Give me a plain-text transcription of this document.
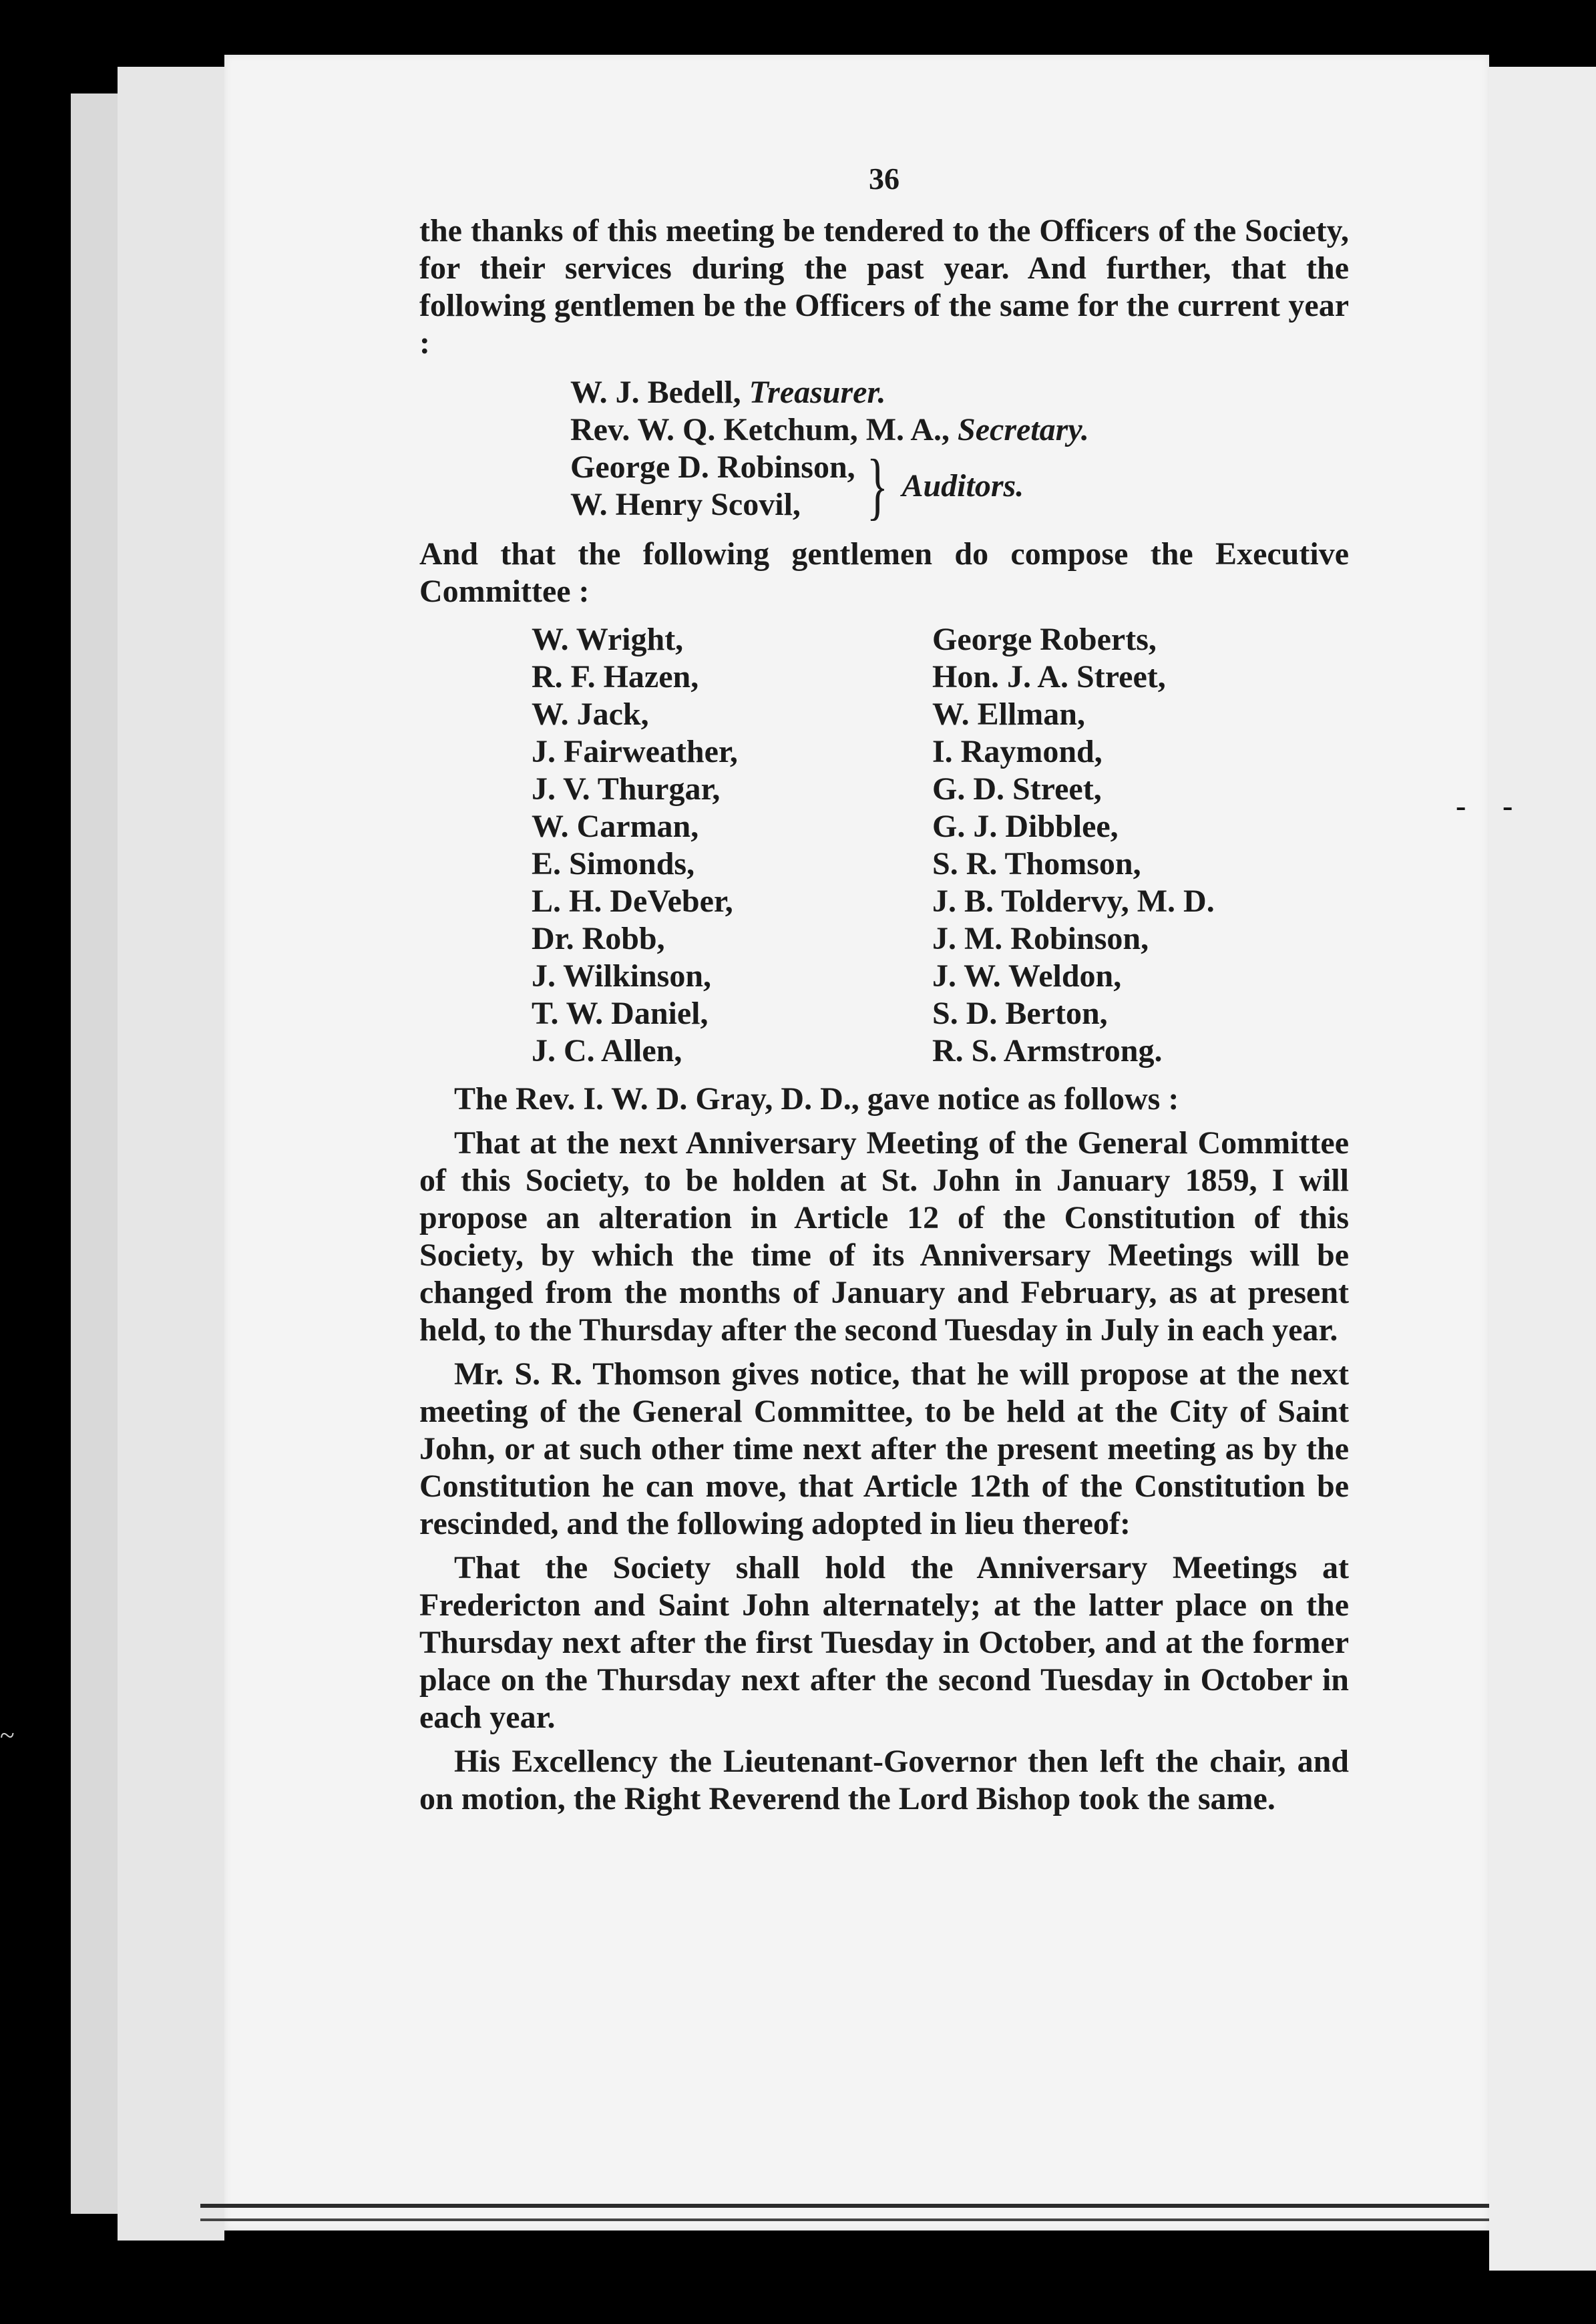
~
- -
36

the thanks of this meeting be tendered to the Officers of the Society, for their services during the past year. And further, that the following gentlemen be the Officers of the same for the current year :

W. J. Bedell, Treasurer.
Rev. W. Q. Ketchum, M. A., Secretary.
George D. Robinson,
W. Henry Scovil, } Auditors.

And that the following gentlemen do compose the Executive Committee :

W. Wright,	George Roberts,
R. F. Hazen,	Hon. J. A. Street,
W. Jack,	W. Ellman,
J. Fairweather,	I. Raymond,
J. V. Thurgar,	G. D. Street,
W. Carman,	G. J. Dibblee,
E. Simonds,	S. R. Thomson,
L. H. DeVeber,	J. B. Toldervy, M. D.
Dr. Robb,	J. M. Robinson,
J. Wilkinson,	J. W. Weldon,
T. W. Daniel,	S. D. Berton,
J. C. Allen,	R. S. Armstrong.

The Rev. I. W. D. Gray, D. D., gave notice as follows :

That at the next Anniversary Meeting of the General Committee of this Society, to be holden at St. John in January 1859, I will propose an alteration in Article 12 of the Constitution of this Society, by which the time of its Anniversary Meetings will be changed from the months of January and February, as at present held, to the Thursday after the second Tuesday in July in each year.

Mr. S. R. Thomson gives notice, that he will propose at the next meeting of the General Committee, to be held at the City of Saint John, or at such other time next after the present meeting as by the Constitution he can move, that Article 12th of the Constitution be rescinded, and the following adopted in lieu thereof:

That the Society shall hold the Anniversary Meetings at Fredericton and Saint John alternately; at the latter place on the Thursday next after the first Tuesday in October, and at the former place on the Thursday next after the second Tuesday in October in each year.

His Excellency the Lieutenant-Governor then left the chair, and on motion, the Right Reverend the Lord Bishop took the same.
